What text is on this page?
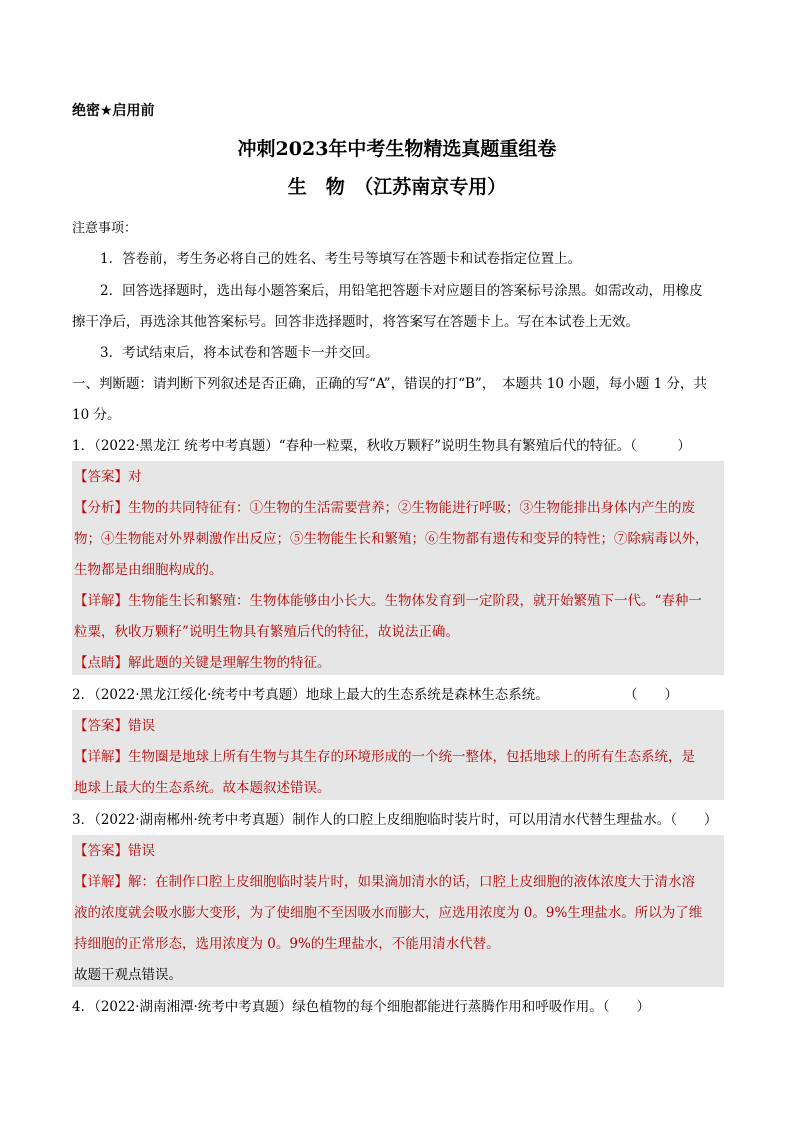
绝密★启用前
冲刺2023年中考生物精选真题重组卷
生　物　（江苏南京专用）
注意事项：
1．答卷前，考生务必将自己的姓名、考生号等填写在答题卡和试卷指定位置上。
2．回答选择题时，选出每小题答案后，用铅笔把答题卡对应题目的答案标号涂黑。如需改动，用橡皮
擦干净后，再选涂其他答案标号。回答非选择题时，将答案写在答题卡上。写在本试卷上无效。
3．考试结束后，将本试卷和答题卡一并交回。
一、判断题：请判断下列叙述是否正确，正确的写“A”，错误的打“B”，　本题共 10 小题，每小题 1 分，共
10 分。
1．（2022·黑龙江 统考中考真题）“春种一粒粟，秋收万颗籽”说明生物具有繁殖后代的特征。（　　　）
【答案】对
【分析】生物的共同特征有：①生物的生活需要营养；②生物能进行呼吸；③生物能排出身体内产生的废
物；④生物能对外界刺激作出反应；⑤生物能生长和繁殖；⑥生物都有遗传和变异的特性；⑦除病毒以外，
生物都是由细胞构成的。
【详解】生物能生长和繁殖：生物体能够由小长大。生物体发育到一定阶段，就开始繁殖下一代。“春种一
粒粟，秋收万颗籽”说明生物具有繁殖后代的特征，故说法正确。
【点睛】解此题的关键是理解生物的特征。
2．（2022·黑龙江绥化·统考中考真题）地球上最大的生态系统是森林生态系统。	（　　）
【答案】错误
【详解】生物圈是地球上所有生物与其生存的环境形成的一个统一整体，包括地球上的所有生态系统，是
地球上最大的生态系统。故本题叙述错误。
3．（2022·湖南郴州·统考中考真题）制作人的口腔上皮细胞临时装片时，可以用清水代替生理盐水。（　　）
【答案】错误
【详解】解：在制作口腔上皮细胞临时装片时，如果滴加清水的话，口腔上皮细胞的液体浓度大于清水溶
液的浓度就会吸水膨大变形，为了使细胞不至因吸水而膨大，应选用浓度为 0。9%生理盐水。所以为了维
持细胞的正常形态，选用浓度为 0。9%的生理盐水，不能用清水代替。
故题干观点错误。
4．（2022·湖南湘潭·统考中考真题）绿色植物的每个细胞都能进行蒸腾作用和呼吸作用。（　　）
